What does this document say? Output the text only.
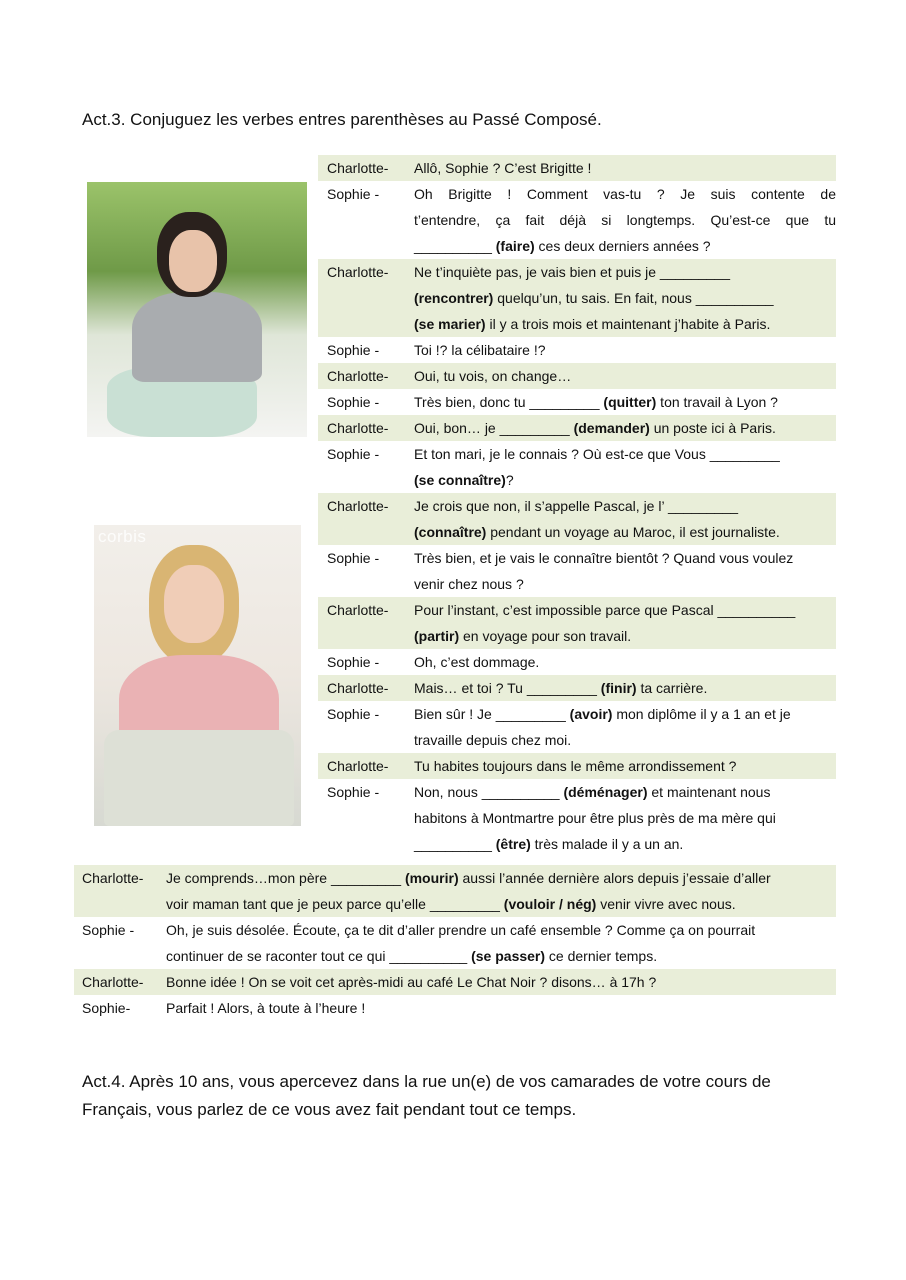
Act.3. Conjuguez les verbes entres parenthèses au Passé Composé.
corbis
Charlotte-	Allô, Sophie ? C’est Brigitte !
Sophie -	Oh Brigitte ! Comment vas-tu ? Je suis contente de
t’entendre, ça fait déjà si longtemps. Qu’est-ce que tu
__________ (faire) ces deux derniers années ?
Charlotte-	Ne t’inquiète pas, je vais bien et puis je _________
(rencontrer) quelqu’un, tu sais. En fait, nous __________
(se marier) il y a trois mois et maintenant j’habite à Paris.
Sophie -	Toi !? la célibataire !?
Charlotte-	Oui, tu vois, on change…
Sophie -	Très bien, donc tu _________ (quitter) ton travail à Lyon ?
Charlotte-	Oui, bon… je _________ (demander) un poste ici à Paris.
Sophie -	Et ton mari, je le connais ? Où est-ce que Vous _________
(se connaître)?
Charlotte-	Je crois que non, il s’appelle Pascal, je l’ _________
(connaître) pendant un voyage au Maroc, il est journaliste.
Sophie -	Très bien, et je vais le connaître bientôt ? Quand vous voulez
venir chez nous ?
Charlotte-	Pour l’instant, c’est impossible parce que Pascal __________
(partir) en voyage pour son travail.
Sophie -	Oh, c’est dommage.
Charlotte-	Mais… et toi ? Tu _________ (finir) ta carrière.
Sophie -	Bien sûr ! Je _________ (avoir) mon diplôme il y a 1 an et je
travaille depuis chez moi.
Charlotte-	Tu habites toujours dans le même arrondissement ?
Sophie -	Non, nous __________ (déménager) et maintenant nous
habitons à Montmartre pour être plus près de ma mère qui
__________ (être) très malade il y a un an.
Charlotte-	Je comprends…mon père _________ (mourir) aussi l’année dernière alors depuis j’essaie d’aller
voir maman tant que je peux parce qu’elle _________ (vouloir / nég) venir vivre avec nous.
Sophie -	Oh, je suis désolée. Écoute, ça te dit d’aller prendre un café ensemble ? Comme ça on pourrait
continuer de se raconter tout ce qui __________ (se passer) ce dernier temps.
Charlotte-	Bonne idée ! On se voit cet après-midi au café Le Chat Noir ? disons… à 17h ?
Sophie-	Parfait ! Alors, à toute à l’heure !
Act.4. Après 10 ans, vous apercevez dans la rue un(e) de vos camarades de votre cours de Français, vous parlez de ce vous avez fait pendant tout ce temps.
